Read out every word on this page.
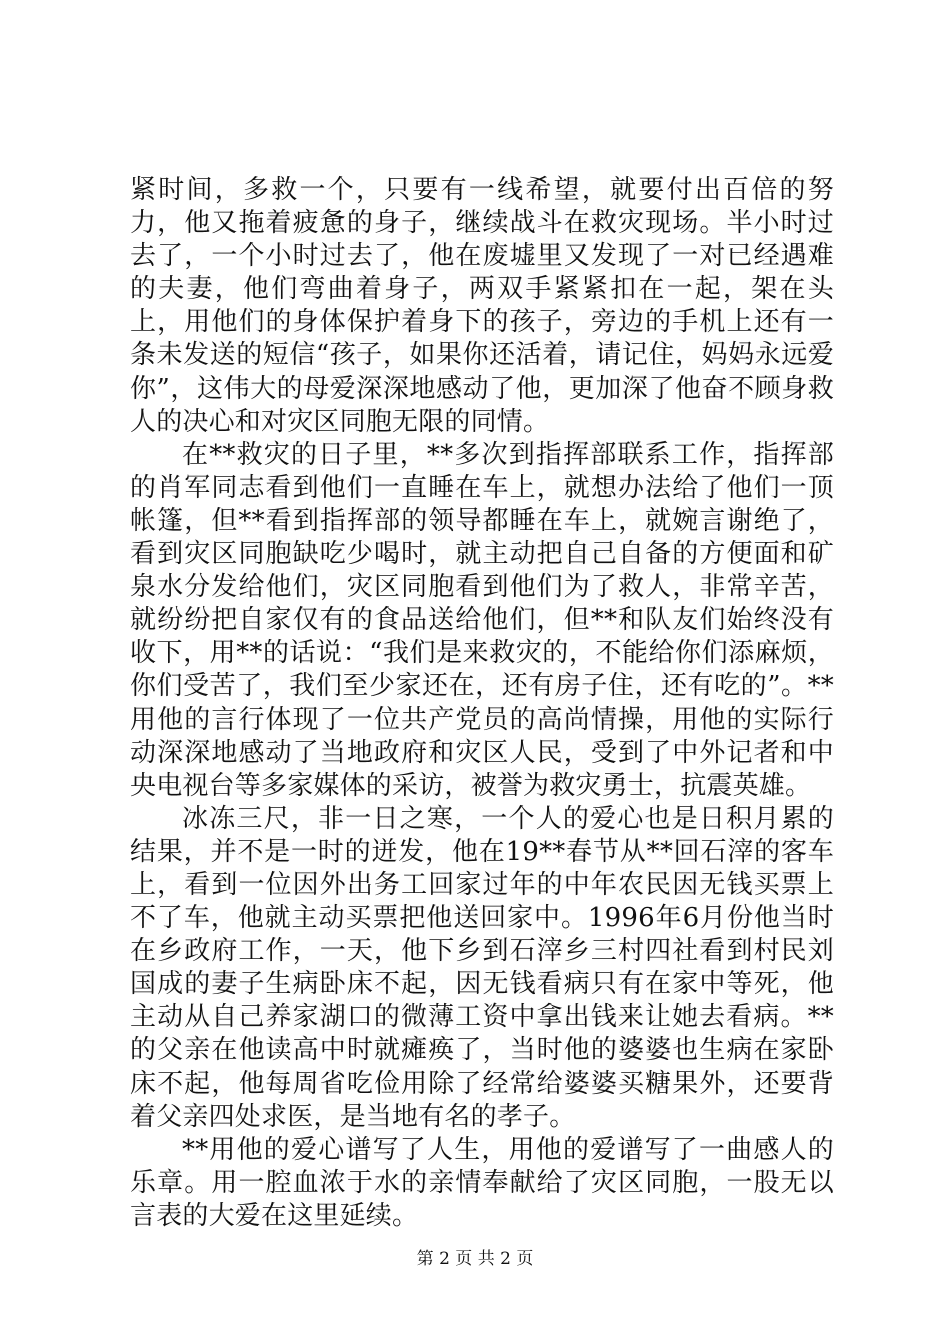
紧时间，多救一个，只要有一线希望，就要付出百倍的努力，他又拖着疲惫的身子，继续战斗在救灾现场。半小时过去了，一个小时过去了，他在废墟里又发现了一对已经遇难的夫妻，他们弯曲着身子，两双手紧紧扣在一起，架在头上，用他们的身体保护着身下的孩子，旁边的手机上还有一条未发送的短信“孩子，如果你还活着，请记住，妈妈永远爱你”，这伟大的母爱深深地感动了他，更加深了他奋不顾身救人的决心和对灾区同胞无限的同情。

在**救灾的日子里，**多次到指挥部联系工作，指挥部的肖军同志看到他们一直睡在车上，就想办法给了他们一顶帐篷，但**看到指挥部的领导都睡在车上，就婉言谢绝了，看到灾区同胞缺吃少喝时，就主动把自己自备的方便面和矿泉水分发给他们，灾区同胞看到他们为了救人，非常辛苦，就纷纷把自家仅有的食品送给他们，但**和队友们始终没有收下，用**的话说：“我们是来救灾的，不能给你们添麻烦，你们受苦了，我们至少家还在，还有房子住，还有吃的”。**用他的言行体现了一位共产党员的高尚情操，用他的实际行动深深地感动了当地政府和灾区人民，受到了中外记者和中央电视台等多家媒体的采访，被誉为救灾勇士，抗震英雄。

冰冻三尺，非一日之寒，一个人的爱心也是日积月累的结果，并不是一时的迸发，他在19**春节从**回石滓的客车上，看到一位因外出务工回家过年的中年农民因无钱买票上不了车，他就主动买票把他送回家中。1996年6月份他当时在乡政府工作，一天，他下乡到石滓乡三村四社看到村民刘国成的妻子生病卧床不起，因无钱看病只有在家中等死，他主动从自己养家湖口的微薄工资中拿出钱来让她去看病。**的父亲在他读高中时就瘫痪了，当时他的婆婆也生病在家卧床不起，他每周省吃俭用除了经常给婆婆买糖果外，还要背着父亲四处求医，是当地有名的孝子。

**用他的爱心谱写了人生，用他的爱谱写了一曲感人的乐章。用一腔血浓于水的亲情奉献给了灾区同胞，一股无以言表的大爱在这里延续。

第 2 页 共 2 页
